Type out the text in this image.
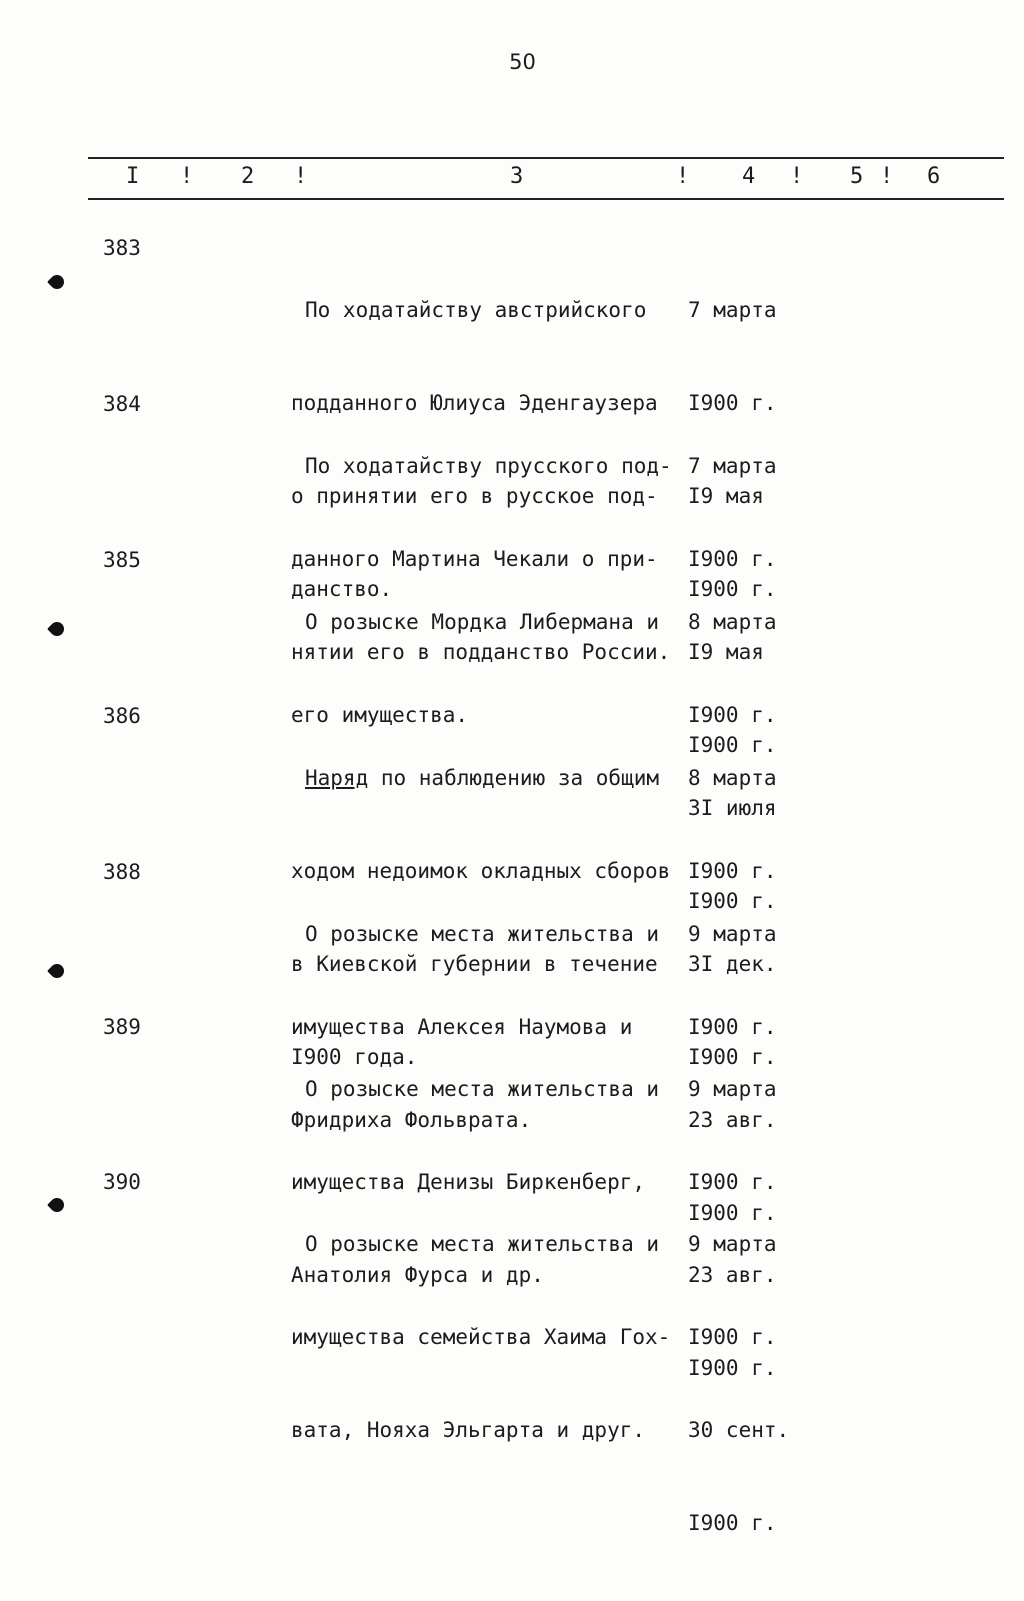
50
I ! 2 !	3	! 4 ! 5 ! 6
383

По ходатайству австрийского

подданного Юлиуса Эденгаузера

о принятии его в русское под-

данство.

7 марта

I900 г.

I9 мая

I900 г.

384

По ходатайству прусского под-

данного Мартина Чекали о при-

нятии его в подданство России.

7 марта

I900 г.

I9 мая

I900 г.

385

О розыске Мордка Либермана и

его имущества.

8 марта

I900 г.

3I июля

I900 г.

386

Наряд по наблюдению за общим

ходом недоимок окладных сборов

в Киевской губернии в течение

I900 года.

8 марта

I900 г.

3I дек.

I900 г.

388

О розыске места жительства и

имущества Алексея Наумова и

Фридриха Фольврата.

9 марта

I900 г.

23 авг.

I900 г.

389

О розыске места жительства и

имущества Денизы Биркенберг,

Анатолия Фурса и др.

9 марта

I900 г.

23 авг.

I900 г.

390

О розыске места жительства и

имущества семейства Хаима Гох-

вата, Нояха Эльгарта и друг.

9 марта

I900 г.

30 сент.

I900 г.
